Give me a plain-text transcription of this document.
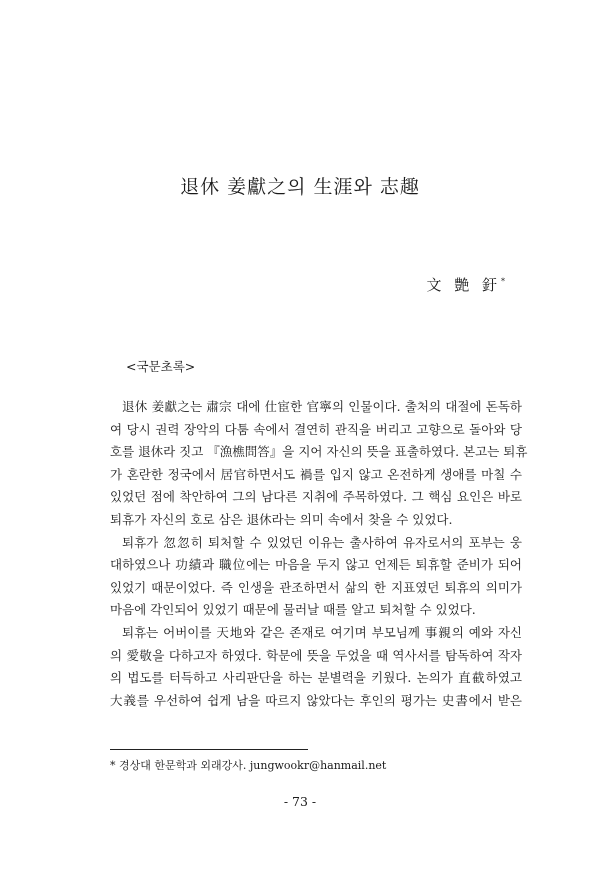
退休 姜獻之의 生涯와 志趣
文 艶 釪*
<국문초록>

退休 姜獻之는 肅宗 대에 仕宦한 官寧의 인물이다. 출처의 대절에 돈독하
여 당시 권력 장악의 다툼 속에서 결연히 관직을 버리고 고향으로 돌아와 당
호를 退休라 짓고 『漁樵問答』을 지어 자신의 뜻을 표출하였다. 본고는 퇴휴
가 혼란한 정국에서 居官하면서도 禍를 입지 않고 온전하게 생애를 마칠 수
있었던 점에 착안하여 그의 남다른 지취에 주목하였다. 그 핵심 요인은 바로
퇴휴가 자신의 호로 삼은 退休라는 의미 속에서 찾을 수 있었다.

퇴휴가 忽忽히 퇴처할 수 있었던 이유는 출사하여 유자로서의 포부는 웅
대하였으나 功績과 職位에는 마음을 두지 않고 언제든 퇴휴할 준비가 되어
있었기 때문이었다. 즉 인생을 관조하면서 삶의 한 지표였던 퇴휴의 의미가
마음에 각인되어 있었기 때문에 물러날 때를 알고 퇴처할 수 있었다.

퇴휴는 어버이를 天地와 같은 존재로 여기며 부모님께 事親의 예와 자신
의 愛敬을 다하고자 하였다. 학문에 뜻을 두었을 때 역사서를 탐독하여 작자
의 법도를 터득하고 사리판단을 하는 분별력을 키웠다. 논의가 直截하였고
大義를 우선하여 쉽게 남을 따르지 않았다는 후인의 평가는 史書에서 받은

* 경상대 한문학과 외래강사. jungwookr@hanmail.net
- 73 -
